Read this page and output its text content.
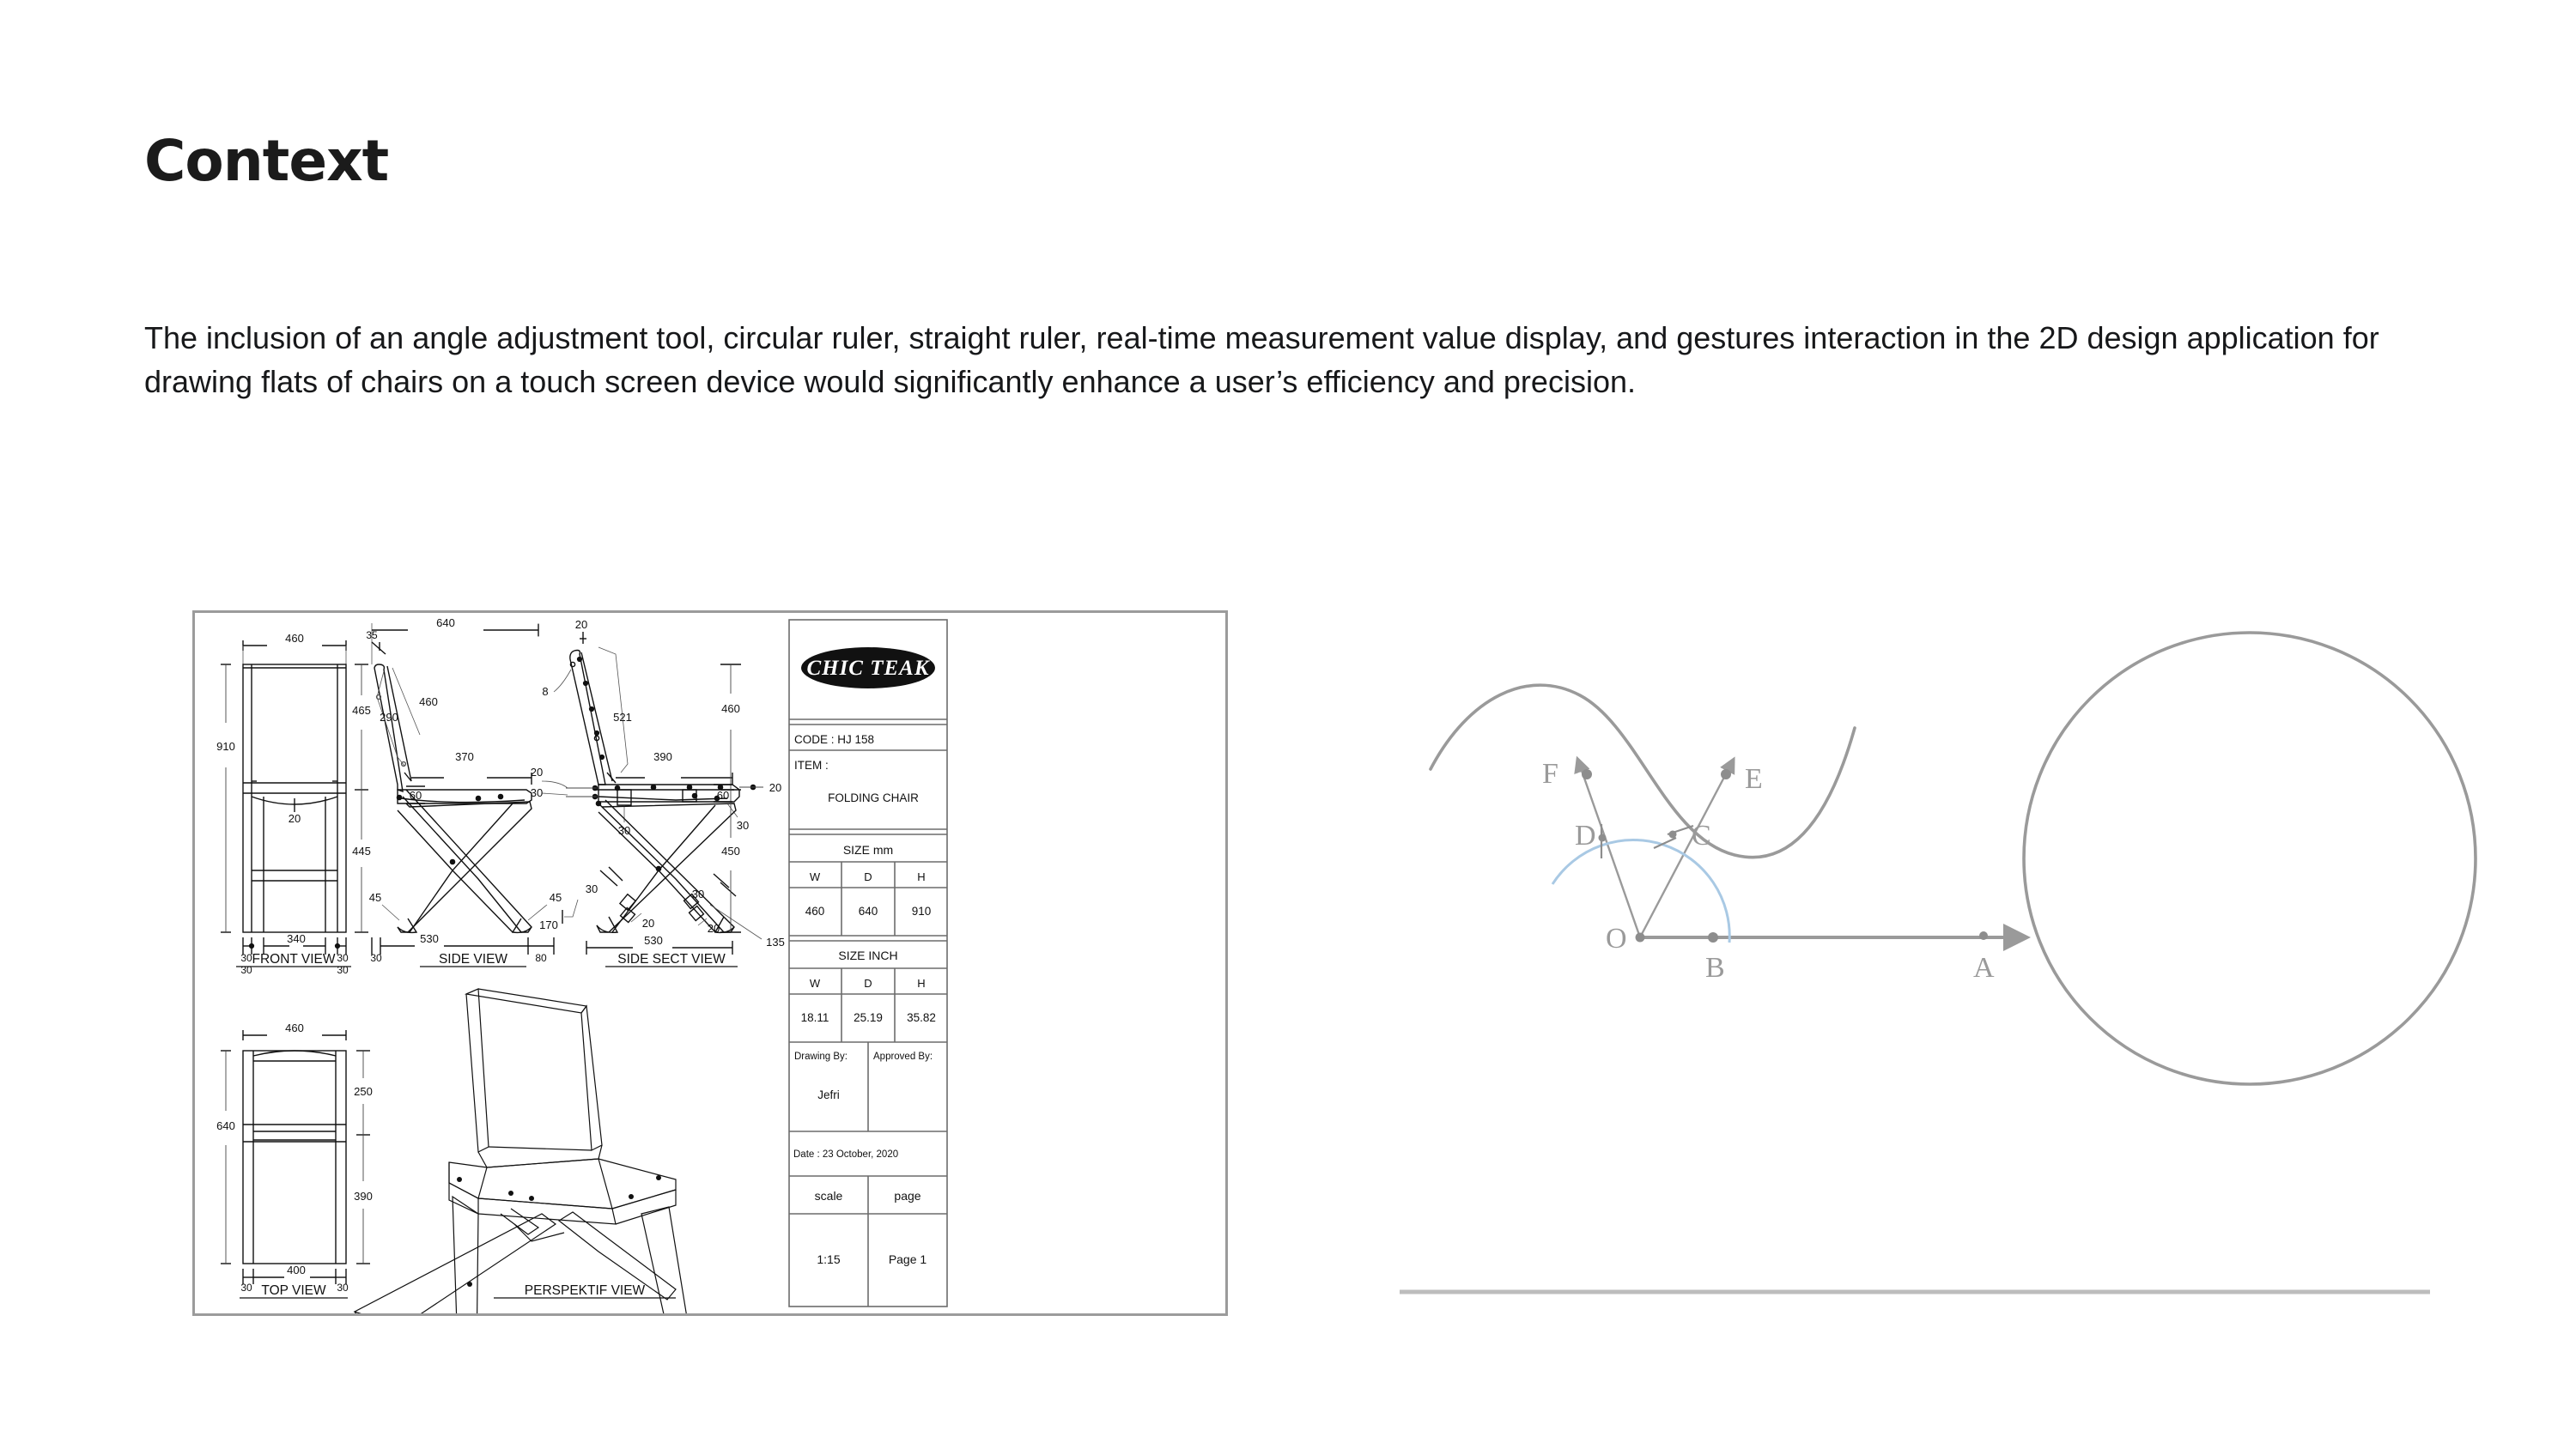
Context
The inclusion of an angle adjustment tool, circular ruler, straight ruler, real-time measurement value display, and gestures interaction in the 2D design application for drawing flats of chairs on a touch screen device would significantly enhance a user’s efficiency and precision.
460
910
20
340
30
30
30
30
640
35
465
290
460
370
60
445
45	45
530
30	80
20
8
521
20
30
390
20
30	30
30	30
170	20	20
135
530
460
450
60
460
640
250
390
400
30	30
FRONT VIEW	SIDE VIEW	SIDE SECT VIEW
TOP VIEW	PERSPEKTIF VIEW
CHIC TEAK
CODE : HJ 158
ITEM :
FOLDING CHAIR
SIZE mm
W	D	H
460	640	910
SIZE INCH
W	D	H
18.11 25.19 35.82
Drawing By:	Approved By:
Jefri
Date : 23 October, 2020
scale	page
1:15	Page 1
F	E
D	C
O
B	A
